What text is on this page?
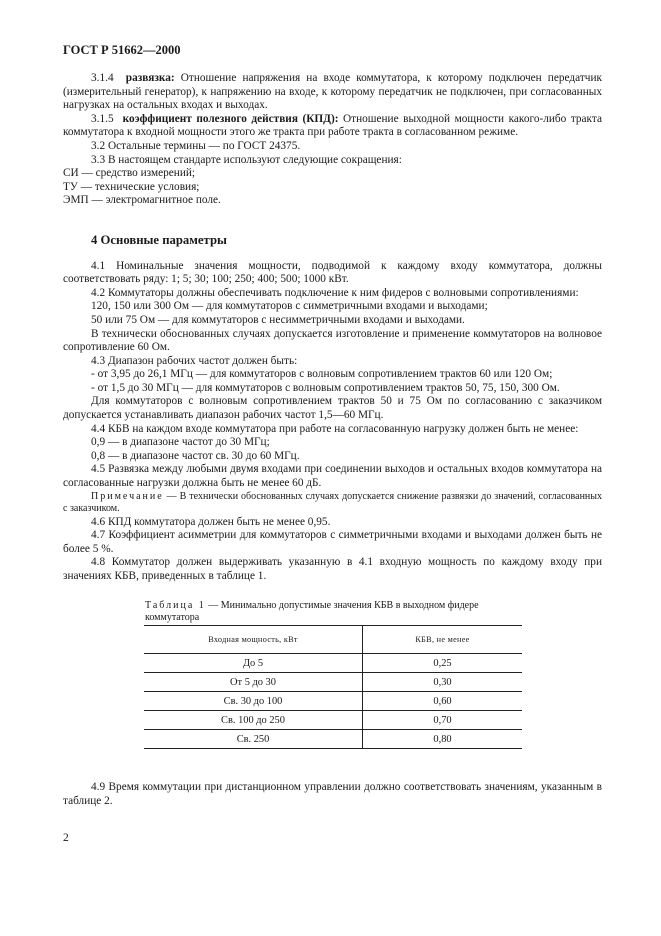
ГОСТ Р 51662—2000

3.1.4 развязка: Отношение напряжения на входе коммутатора, к которому подключен передатчик (измерительный генератор), к напряжению на входе, к которому передатчик не подключен, при согласованных нагрузках на остальных входах и выходах.

3.1.5 коэффициент полезного действия (КПД): Отношение выходной мощности какого-либо тракта коммутатора к входной мощности этого же тракта при работе тракта в согласованном режиме.

3.2 Остальные термины — по ГОСТ 24375.

3.3 В настоящем стандарте используют следующие сокращения:

СИ — средство измерений;

ТУ — технические условия;

ЭМП — электромагнитное поле.

4 Основные параметры

4.1 Номинальные значения мощности, подводимой к каждому входу коммутатора, должны соответствовать ряду: 1; 5; 30; 100; 250; 400; 500; 1000 кВт.

4.2 Коммутаторы должны обеспечивать подключение к ним фидеров с волновыми сопротивлениями:

120, 150 или 300 Ом — для коммутаторов с симметричными входами и выходами;

50 или 75 Ом — для коммутаторов с несимметричными входами и выходами.

В технически обоснованных случаях допускается изготовление и применение коммутаторов на волновое сопротивление 60 Ом.

4.3 Диапазон рабочих частот должен быть:

- от 3,95 до 26,1 МГц — для коммутаторов с волновым сопротивлением трактов 60 или 120 Ом;

- от 1,5 до 30 МГц — для коммутаторов с волновым сопротивлением трактов 50, 75, 150, 300 Ом.

Для коммутаторов с волновым сопротивлением трактов 50 и 75 Ом по согласованию с заказчиком допускается устанавливать диапазон рабочих частот 1,5—60 МГц.

4.4 КБВ на каждом входе коммутатора при работе на согласованную нагрузку должен быть не менее:

0,9 — в диапазоне частот до 30 МГц;

0,8 — в диапазоне частот св. 30 до 60 МГц.

4.5 Развязка между любыми двумя входами при соединении выходов и остальных входов коммутатора на согласованные нагрузки должна быть не менее 60 дБ.

Примечание — В технически обоснованных случаях допускается снижение развязки до значений, согласованных с заказчиком.

4.6 КПД коммутатора должен быть не менее 0,95.

4.7 Коэффициент асимметрии для коммутаторов с симметричными входами и выходами должен быть не более 5 %.

4.8 Коммутатор должен выдерживать указанную в 4.1 входную мощность по каждому входу при значениях КБВ, приведенных в таблице 1.

Таблица 1 — Минимально допустимые значения КБВ в выходном фидере коммутатора
Входная мощность, кВт	КБВ, не менее
До 5	0,25
От 5 до 30	0,30
Св. 30 до 100	0,60
Св. 100 до 250	0,70
Св. 250	0,80

4.9 Время коммутации при дистанционном управлении должно соответствовать значениям, указанным в таблице 2.

2
